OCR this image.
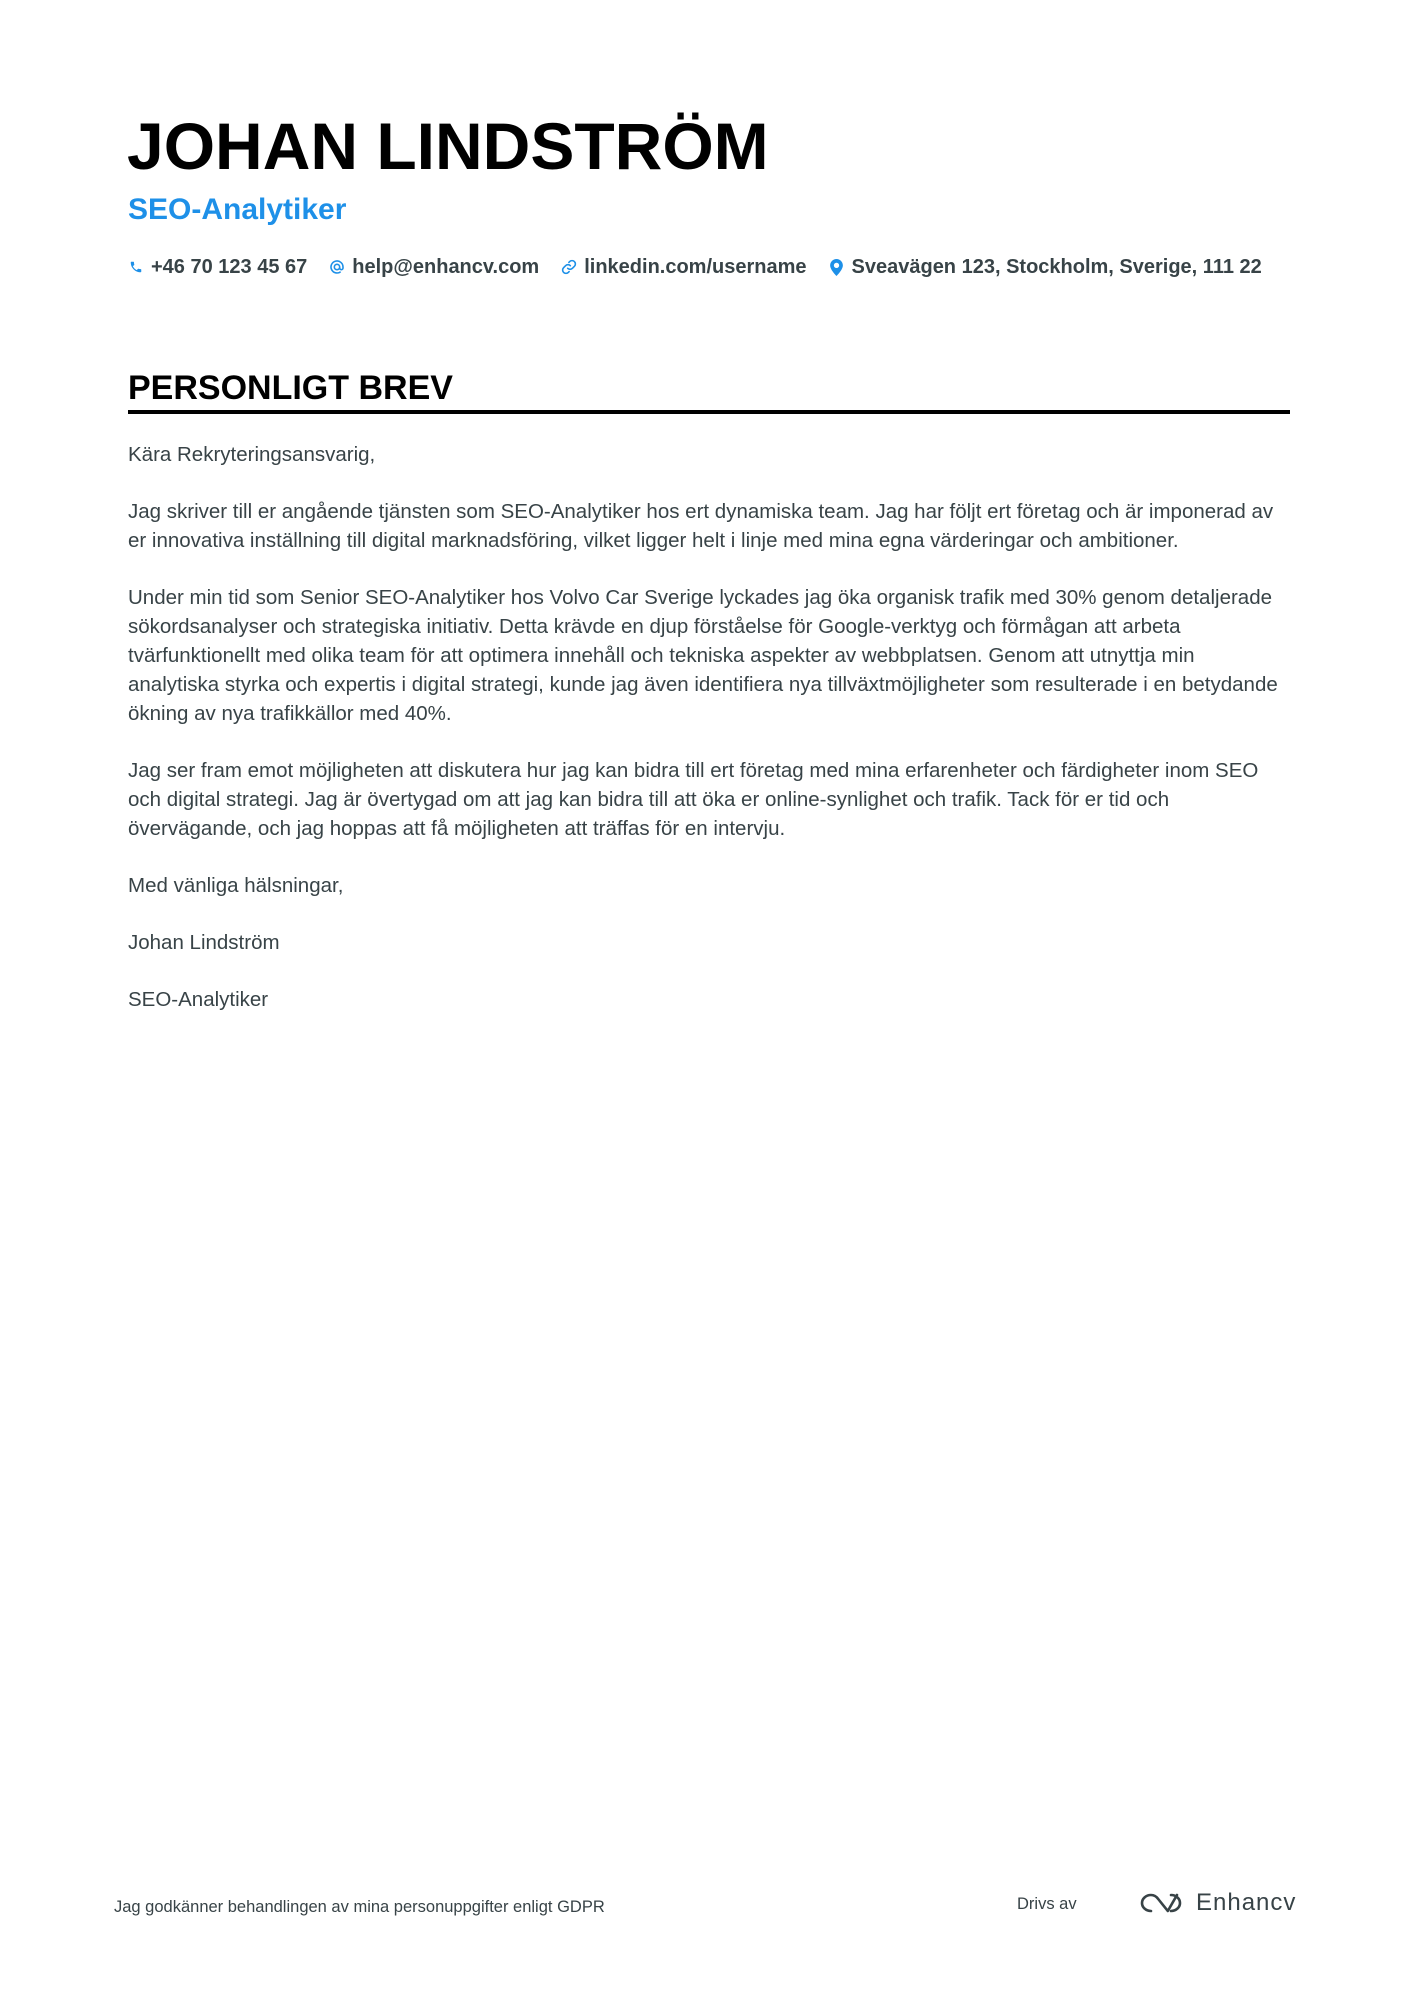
JOHAN LINDSTRÖM
SEO-Analytiker
+46 70 123 45 67 help@enhancv.com linkedin.com/username Sveavägen 123, Stockholm, Sverige, 111 22
PERSONLIGT BREV

Kära Rekryteringsansvarig,

Jag skriver till er angående tjänsten som SEO-Analytiker hos ert dynamiska team. Jag har följt ert företag och är imponerad av er innovativa inställning till digital marknadsföring, vilket ligger helt i linje med mina egna värderingar och ambitioner.

Under min tid som Senior SEO-Analytiker hos Volvo Car Sverige lyckades jag öka organisk trafik med 30% genom detaljerade sökordsanalyser och strategiska initiativ. Detta krävde en djup förståelse för Google-verktyg och förmågan att arbeta tvärfunktionellt med olika team för att optimera innehåll och tekniska aspekter av webbplatsen. Genom att utnyttja min analytiska styrka och expertis i digital strategi, kunde jag även identifiera nya tillväxtmöjligheter som resulterade i en betydande ökning av nya trafikkällor med 40%.

Jag ser fram emot möjligheten att diskutera hur jag kan bidra till ert företag med mina erfarenheter och färdigheter inom SEO och digital strategi. Jag är övertygad om att jag kan bidra till att öka er online-synlighet och trafik. Tack för er tid och övervägande, och jag hoppas att få möjligheten att träffas för en intervju.

Med vänliga hälsningar,

Johan Lindström

SEO-Analytiker

Jag godkänner behandlingen av mina personuppgifter enligt GDPR	Drivs av	Enhancv
